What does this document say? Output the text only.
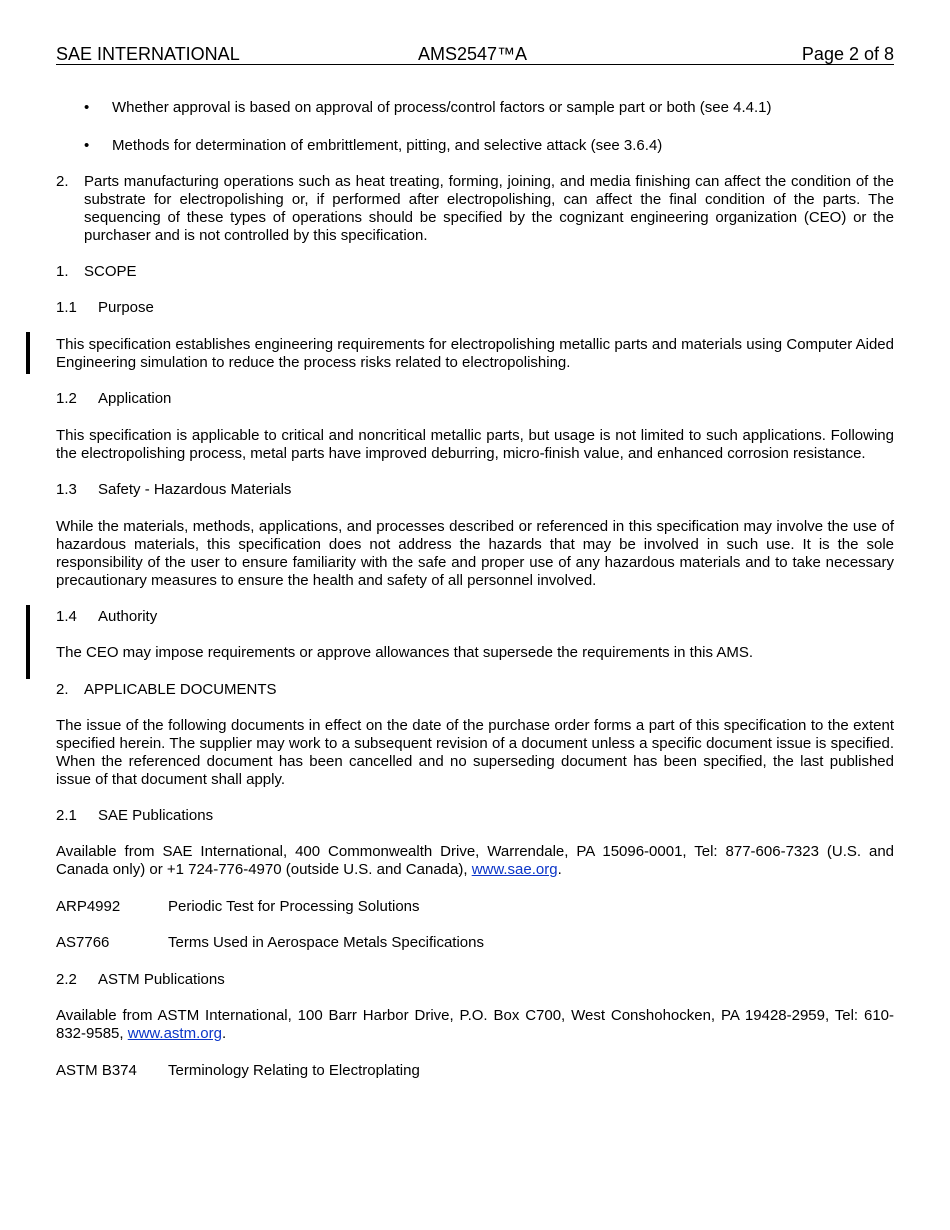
SAE INTERNATIONAL	AMS2547™A	Page 2 of 8
• Whether approval is based on approval of process/control factors or sample part or both (see 4.4.1)
• Methods for determination of embrittlement, pitting, and selective attack (see 3.6.4)
2. Parts manufacturing operations such as heat treating, forming, joining, and media finishing can affect the condition of the substrate for electropolishing or, if performed after electropolishing, can affect the final condition of the parts. The sequencing of these types of operations should be specified by the cognizant engineering organization (CEO) or the purchaser and is not controlled by this specification.
1. SCOPE
1.1 Purpose
This specification establishes engineering requirements for electropolishing metallic parts and materials using Computer Aided Engineering simulation to reduce the process risks related to electropolishing.
1.2 Application
This specification is applicable to critical and noncritical metallic parts, but usage is not limited to such applications. Following the electropolishing process, metal parts have improved deburring, micro-finish value, and enhanced corrosion resistance.
1.3 Safety - Hazardous Materials
While the materials, methods, applications, and processes described or referenced in this specification may involve the use of hazardous materials, this specification does not address the hazards that may be involved in such use. It is the sole responsibility of the user to ensure familiarity with the safe and proper use of any hazardous materials and to take necessary precautionary measures to ensure the health and safety of all personnel involved.
1.4 Authority
The CEO may impose requirements or approve allowances that supersede the requirements in this AMS.
2. APPLICABLE DOCUMENTS
The issue of the following documents in effect on the date of the purchase order forms a part of this specification to the extent specified herein. The supplier may work to a subsequent revision of a document unless a specific document issue is specified. When the referenced document has been cancelled and no superseding document has been specified, the last published issue of that document shall apply.
2.1 SAE Publications
Available from SAE International, 400 Commonwealth Drive, Warrendale, PA 15096-0001, Tel: 877-606-7323 (U.S. and Canada only) or +1 724-776-4970 (outside U.S. and Canada), www.sae.org.
ARP4992	Periodic Test for Processing Solutions
AS7766	Terms Used in Aerospace Metals Specifications
2.2 ASTM Publications
Available from ASTM International, 100 Barr Harbor Drive, P.O. Box C700, West Conshohocken, PA 19428-2959, Tel: 610-832-9585, www.astm.org.
ASTM B374 Terminology Relating to Electroplating
